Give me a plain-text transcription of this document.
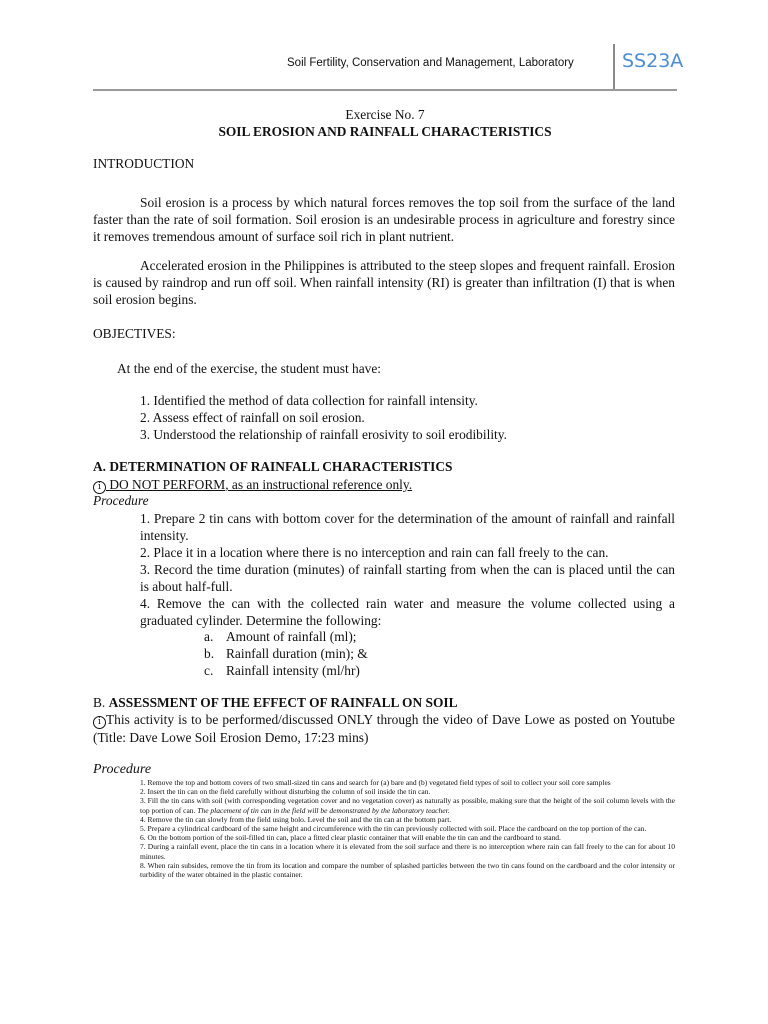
Soil Fertility, Conservation and Management, Laboratory	SS23A
Exercise No. 7
SOIL EROSION AND RAINFALL CHARACTERISTICS
INTRODUCTION
Soil erosion is a process by which natural forces removes the top soil from the surface of the land faster than the rate of soil formation. Soil erosion is an undesirable process in agriculture and forestry since it removes tremendous amount of surface soil rich in plant nutrient.
Accelerated erosion in the Philippines is attributed to the steep slopes and frequent rainfall. Erosion is caused by raindrop and run off soil. When rainfall intensity (RI) is greater than infiltration (I) that is when soil erosion begins.
OBJECTIVES:
At the end of the exercise, the student must have:
1. Identified the method of data collection for rainfall intensity.
2. Assess effect of rainfall on soil erosion.
3. Understood the relationship of rainfall erosivity to soil erodibility.
A. DETERMINATION OF RAINFALL CHARACTERISTICS
i DO NOT PERFORM, as an instructional reference only.
Procedure
1. Prepare 2 tin cans with bottom cover for the determination of the amount of rainfall and rainfall intensity.
2. Place it in a location where there is no interception and rain can fall freely to the can.
3. Record the time duration (minutes) of rainfall starting from when the can is placed until the can is about half-full.
4. Remove the can with the collected rain water and measure the volume collected using a graduated cylinder. Determine the following:
a. Amount of rainfall (ml);
b. Rainfall duration (min); &
c. Rainfall intensity (ml/hr)
B. ASSESSMENT OF THE EFFECT OF RAINFALL ON SOIL
i This activity is to be performed/discussed ONLY through the video of Dave Lowe as posted on Youtube (Title: Dave Lowe Soil Erosion Demo, 17:23 mins)
Procedure
1. Remove the top and bottom covers of two small-sized tin cans and search for (a) bare and (b) vegetated field types of soil to collect your soil core samples
2. Insert the tin can on the field carefully without disturbing the column of soil inside the tin can.
3. Fill the tin cans with soil (with corresponding vegetation cover and no vegetation cover) as naturally as possible, making sure that the height of the soil column levels with the top portion of can. The placement of tin can in the field will be demonstrated by the laboratory teacher.
4. Remove the tin can slowly from the field using bolo. Level the soil and the tin can at the bottom part.
5. Prepare a cylindrical cardboard of the same height and circumference with the tin can previously collected with soil. Place the cardboard on the top portion of the can.
6. On the bottom portion of the soil-filled tin can, place a fitted clear plastic container that will enable the tin can and the cardboard to stand.
7. During a rainfall event, place the tin cans in a location where it is elevated from the soil surface and there is no interception where rain can fall freely to the can for about 10 minutes.
8. When rain subsides, remove the tin from its location and compare the number of splashed particles between the two tin cans found on the cardboard and the color intensity or turbidity of the water obtained in the plastic container.
